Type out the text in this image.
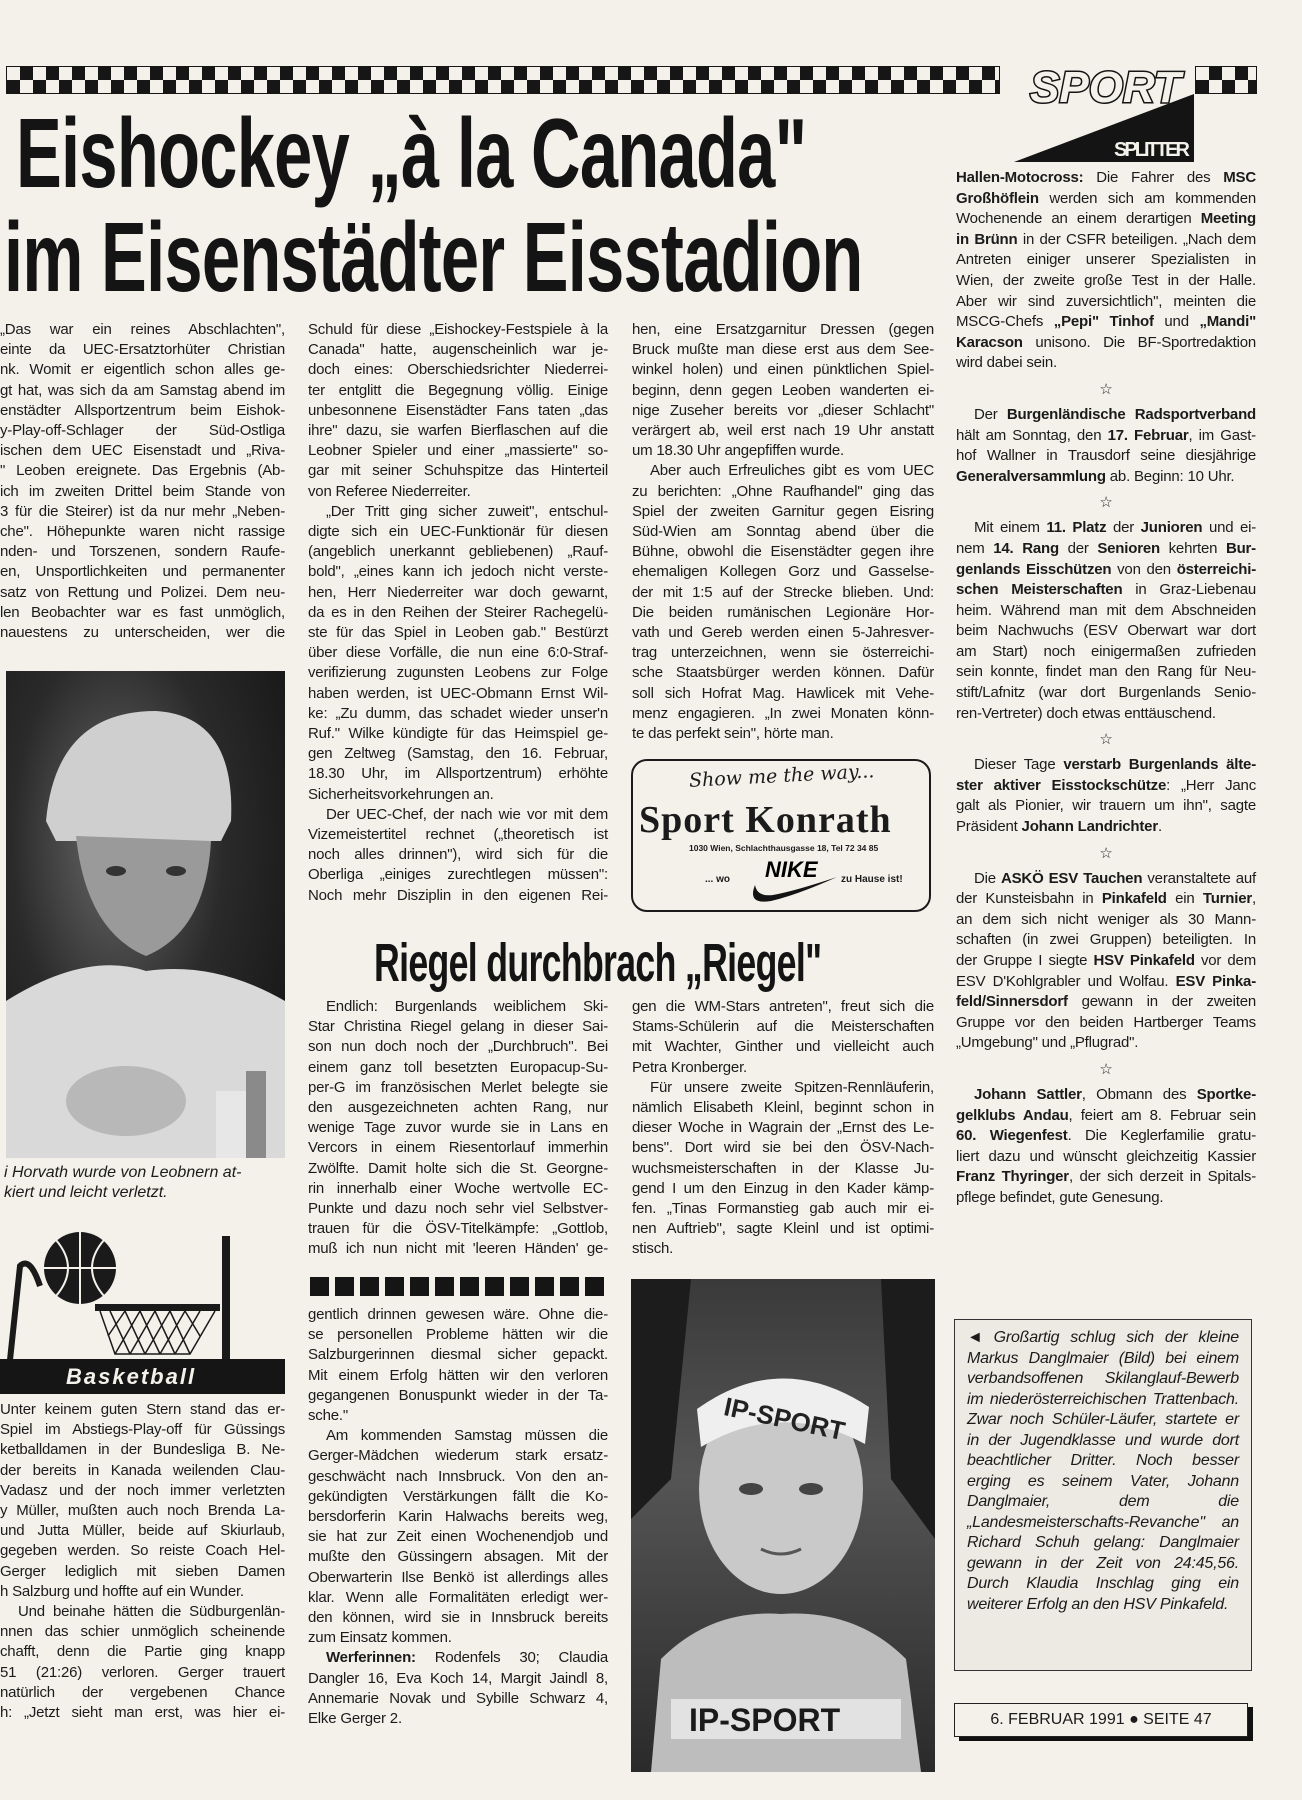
SPORT
SPLITTER
Eishockey „à la Canada"
im Eisenstädter Eisstadion
„Das war ein reines Abschlachten",
einte da UEC-Ersatztorhüter Christian
nk. Womit er eigentlich schon alles ge-
gt hat, was sich da am Samstag abend im
enstädter Allsportzentrum beim Eishok-
y-Play-off-Schlager der Süd-Ostliga
ischen dem UEC Eisenstadt und „Riva-
" Leoben ereignete. Das Ergebnis (Ab-
ich im zweiten Drittel beim Stande von
3 für die Steirer) ist da nur mehr „Neben-
che". Höhepunkte waren nicht rassige
nden- und Torszenen, sondern Raufe-
en, Unsportlichkeiten und permanenter
satz von Rettung und Polizei. Dem neu-
len Beobachter war es fast unmöglich,
nauestens zu unterscheiden, wer die
Schuld für diese „Eishockey-Festspiele à la
Canada" hatte, augenscheinlich war je-
doch eines: Oberschiedsrichter Niederrei-
ter entglitt die Begegnung völlig. Einige
unbesonnene Eisenstädter Fans taten „das
ihre" dazu, sie warfen Bierflaschen auf die
Leobner Spieler und einer „massierte" so-
gar mit seiner Schuhspitze das Hinterteil
von Referee Niederreiter.
„Der Tritt ging sicher zuweit", entschul-
digte sich ein UEC-Funktionär für diesen
(angeblich unerkannt gebliebenen) „Rauf-
bold", „eines kann ich jedoch nicht verste-
hen, Herr Niederreiter war doch gewarnt,
da es in den Reihen der Steirer Rachegelü-
ste für das Spiel in Leoben gab." Bestürzt
über diese Vorfälle, die nun eine 6:0-Straf-
verifizierung zugunsten Leobens zur Folge
haben werden, ist UEC-Obmann Ernst Wil-
ke: „Zu dumm, das schadet wieder unser'n
Ruf." Wilke kündigte für das Heimspiel ge-
gen Zeltweg (Samstag, den 16. Februar,
18.30 Uhr, im Allsportzentrum) erhöhte
Sicherheitsvorkehrungen an.
Der UEC-Chef, der nach wie vor mit dem
Vizemeistertitel rechnet („theoretisch ist
noch alles drinnen"), wird sich für die
Oberliga „einiges zurechtlegen müssen":
Noch mehr Disziplin in den eigenen Rei-
hen, eine Ersatzgarnitur Dressen (gegen
Bruck mußte man diese erst aus dem See-
winkel holen) und einen pünktlichen Spiel-
beginn, denn gegen Leoben wanderten ei-
nige Zuseher bereits vor „dieser Schlacht"
verärgert ab, weil erst nach 19 Uhr anstatt
um 18.30 Uhr angepfiffen wurde.
Aber auch Erfreuliches gibt es vom UEC
zu berichten: „Ohne Raufhandel" ging das
Spiel der zweiten Garnitur gegen Eisring
Süd-Wien am Sonntag abend über die
Bühne, obwohl die Eisenstädter gegen ihre
ehemaligen Kollegen Gorz und Gasselse-
der mit 1:5 auf der Strecke blieben. Und:
Die beiden rumänischen Legionäre Hor-
vath und Gereb werden einen 5-Jahresver-
trag unterzeichnen, wenn sie österreichi-
sche Staatsbürger werden können. Dafür
soll sich Hofrat Mag. Hawlicek mit Vehe-
menz engagieren. „In zwei Monaten könn-
te das perfekt sein", hörte man.
i Horvath wurde von Leobnern at-
kiert und leicht verletzt.
Show me the way...
Sport Konrath
1030 Wien, Schlachthausgasse 18, Tel 72 34 85
... wo NIKE zu Hause ist!
Riegel durchbrach „Riegel"
Endlich: Burgenlands weiblichem Ski-
Star Christina Riegel gelang in dieser Sai-
son nun doch noch der „Durchbruch". Bei
einem ganz toll besetzten Europacup-Su-
per-G im französischen Merlet belegte sie
den ausgezeichneten achten Rang, nur
wenige Tage zuvor wurde sie in Lans en
Vercors in einem Riesentorlauf immerhin
Zwölfte. Damit holte sich die St. Georgne-
rin innerhalb einer Woche wertvolle EC-
Punkte und dazu noch sehr viel Selbstver-
trauen für die ÖSV-Titelkämpfe: „Gottlob,
muß ich nun nicht mit 'leeren Händen' ge-
gen die WM-Stars antreten", freut sich die
Stams-Schülerin auf die Meisterschaften
mit Wachter, Ginther und vielleicht auch
Petra Kronberger.
Für unsere zweite Spitzen-Rennläuferin,
nämlich Elisabeth Kleinl, beginnt schon in
dieser Woche in Wagrain der „Ernst des Le-
bens". Dort wird sie bei den ÖSV-Nach-
wuchsmeisterschaften in der Klasse Ju-
gend I um den Einzug in den Kader kämp-
fen. „Tinas Formanstieg gab auch mir ei-
nen Auftrieb", sagte Kleinl und ist optimi-
stisch.
Basketball
Unter keinem guten Stern stand das er-
Spiel im Abstiegs-Play-off für Güssings
ketballdamen in der Bundesliga B. Ne-
der bereits in Kanada weilenden Clau-
Vadasz und der noch immer verletzten
y Müller, mußten auch noch Brenda La-
und Jutta Müller, beide auf Skiurlaub,
gegeben werden. So reiste Coach Hel-
Gerger lediglich mit sieben Damen
h Salzburg und hoffte auf ein Wunder.
Und beinahe hätten die Südburgenlän-
nnen das schier unmöglich scheinende
chafft, denn die Partie ging knapp
51 (21:26) verloren. Gerger trauert
natürlich der vergebenen Chance
h: „Jetzt sieht man erst, was hier ei-
gentlich drinnen gewesen wäre. Ohne die-
se personellen Probleme hätten wir die
Salzburgerinnen diesmal sicher gepackt.
Mit einem Erfolg hätten wir den verloren
gegangenen Bonuspunkt wieder in der Ta-
sche."
Am kommenden Samstag müssen die
Gerger-Mädchen wiederum stark ersatz-
geschwächt nach Innsbruck. Von den an-
gekündigten Verstärkungen fällt die Ko-
bersdorferin Karin Halwachs bereits weg,
sie hat zur Zeit einen Wochenendjob und
mußte den Güssingern absagen. Mit der
Oberwarterin Ilse Benkö ist allerdings alles
klar. Wenn alle Formalitäten erledigt wer-
den können, wird sie in Innsbruck bereits
zum Einsatz kommen.
Werferinnen: Rodenfels 30; Claudia
Dangler 16, Eva Koch 14, Margit Jaindl 8,
Annemarie Novak und Sybille Schwarz 4,
Elke Gerger 2.
IP-SPORT
IP-SPORT
Hallen-Motocross: Die Fahrer des MSC
Großhöflein werden sich am kommenden
Wochenende an einem derartigen Meeting
in Brünn in der CSFR beteiligen. „Nach dem
Antreten einiger unserer Spezialisten in
Wien, der zweite große Test in der Halle.
Aber wir sind zuversichtlich", meinten die
MSCG-Chefs „Pepi" Tinhof und „Mandi"
Karacson unisono. Die BF-Sportredaktion
wird dabei sein.
☆
Der Burgenländische Radsportverband
hält am Sonntag, den 17. Februar, im Gast-
hof Wallner in Trausdorf seine diesjährige
Generalversammlung ab. Beginn: 10 Uhr.
☆
Mit einem 11. Platz der Junioren und ei-
nem 14. Rang der Senioren kehrten Bur-
genlands Eisschützen von den österreichi-
schen Meisterschaften in Graz-Liebenau
heim. Während man mit dem Abschneiden
beim Nachwuchs (ESV Oberwart war dort
am Start) noch einigermaßen zufrieden
sein konnte, findet man den Rang für Neu-
stift/Lafnitz (war dort Burgenlands Senio-
ren-Vertreter) doch etwas enttäuschend.
☆
Dieser Tage verstarb Burgenlands älte-
ster aktiver Eisstockschütze: „Herr Janc
galt als Pionier, wir trauern um ihn", sagte
Präsident Johann Landrichter.
☆
Die ASKÖ ESV Tauchen veranstaltete auf
der Kunsteisbahn in Pinkafeld ein Turnier,
an dem sich nicht weniger als 30 Mann-
schaften (in zwei Gruppen) beteiligten. In
der Gruppe I siegte HSV Pinkafeld vor dem
ESV D'Kohlgrabler und Wolfau. ESV Pinka-
feld/Sinnersdorf gewann in der zweiten
Gruppe vor den beiden Hartberger Teams
„Umgebung" und „Pflugrad".
☆
Johann Sattler, Obmann des Sportke-
gelklubs Andau, feiert am 8. Februar sein
60. Wiegenfest. Die Keglerfamilie gratu-
liert dazu und wünscht gleichzeitig Kassier
Franz Thyringer, der sich derzeit in Spitals-
pflege befindet, gute Genesung.
◄ Großartig schlug sich der kleine Markus Danglmaier (Bild) bei einem verbandsoffenen Skilanglauf-Bewerb im niederösterreichischen Trattenbach. Zwar noch Schüler-Läufer, startete er in der Jugendklasse und wurde dort beachtlicher Dritter. Noch besser erging es seinem Vater, Johann Danglmaier, dem die „Landesmeisterschafts-Revanche" an Richard Schuh gelang: Danglmaier gewann in der Zeit von 24:45,56. Durch Klaudia Inschlag ging ein weiterer Erfolg an den HSV Pinkafeld.
6. FEBRUAR 1991 ● SEITE 47
